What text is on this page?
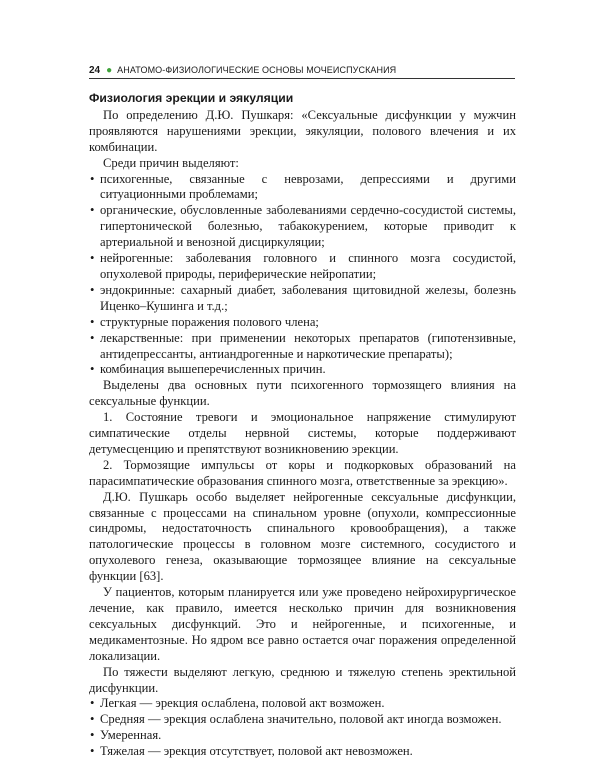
24 ● АНАТОМО-ФИЗИОЛОГИЧЕСКИЕ ОСНОВЫ МОЧЕИСПУСКАНИЯ
Физиология эрекции и эякуляции

По определению Д.Ю. Пушкаря: «Сексуальные дисфункции у мужчин проявляются нарушениями эрекции, эякуляции, полового влечения и их комбинации.

Среди причин выделяют:

• психогенные, связанные с неврозами, депрессиями и другими ситуационными проблемами;
• органические, обусловленные заболеваниями сердечно-сосудистой системы, гипертонической болезнью, табакокурением, которые приводит к артериальной и венозной дисциркуляции;
• нейрогенные: заболевания головного и спинного мозга сосудистой, опухолевой природы, периферические нейропатии;
• эндокринные: сахарный диабет, заболевания щитовидной железы, болезнь Иценко–Кушинга и т.д.;
• структурные поражения полового члена;
• лекарственные: при применении некоторых препаратов (гипотензивные, антидепрессанты, антиандрогенные и наркотические препараты);
• комбинация вышеперечисленных причин.

Выделены два основных пути психогенного тормозящего влияния на сексуальные функции.

1. Состояние тревоги и эмоциональное напряжение стимулируют симпатические отделы нервной системы, которые поддерживают детумесценцию и препятствуют возникновению эрекции.

2. Тормозящие импульсы от коры и подкорковых образований на парасимпатические образования спинного мозга, ответственные за эрекцию».

Д.Ю. Пушкарь особо выделяет нейрогенные сексуальные дисфункции, связанные с процессами на спинальном уровне (опухоли, компрессионные синдромы, недостаточность спинального кровообращения), а также патологические процессы в головном мозге системного, сосудистого и опухолевого генеза, оказывающие тормозящее влияние на сексуальные функции [63].

У пациентов, которым планируется или уже проведено нейрохирургическое лечение, как правило, имеется несколько причин для возникновения сексуальных дисфункций. Это и нейрогенные, и психогенные, и медикаментозные. Но ядром все равно остается очаг поражения определенной локализации.

По тяжести выделяют легкую, среднюю и тяжелую степень эректильной дисфункции.

• Легкая — эрекция ослаблена, половой акт возможен.
• Средняя — эрекция ослаблена значительно, половой акт иногда возможен.
• Умеренная.
• Тяжелая — эрекция отсутствует, половой акт невозможен.
